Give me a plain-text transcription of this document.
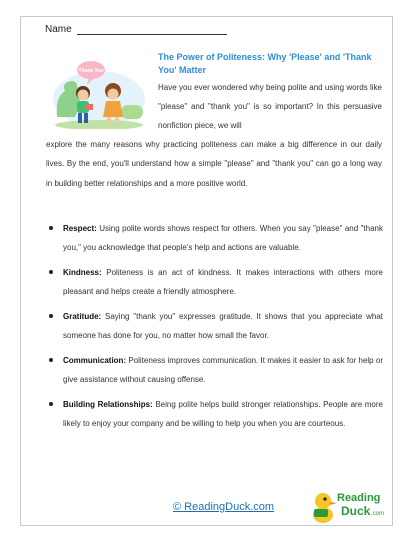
Name
Thank You
The Power of Politeness: Why 'Please' and 'Thank You' Matter

Have you ever wondered why being polite and using words like "please" and "thank you" is so important? In this persuasive nonfiction piece, we will

explore the many reasons why practicing politeness can make a big difference in our daily lives. By the end, you'll understand how a simple "please" and "thank you" can go a long way in building better relationships and a more positive world.

Respect: Using polite words shows respect for others. When you say "please" and "thank you," you acknowledge that people's help and actions are valuable.
Kindness: Politeness is an act of kindness. It makes interactions with others more pleasant and helps create a friendly atmosphere.
Gratitude: Saying "thank you" expresses gratitude. It shows that you appreciate what someone has done for you, no matter how small the favor.
Communication: Politeness improves communication. It makes it easier to ask for help or give assistance without causing offense.
Building Relationships: Being polite helps build stronger relationships. People are more likely to enjoy your company and be willing to help you when you are courteous.
© ReadingDuck.com
Reading
Duck .com
